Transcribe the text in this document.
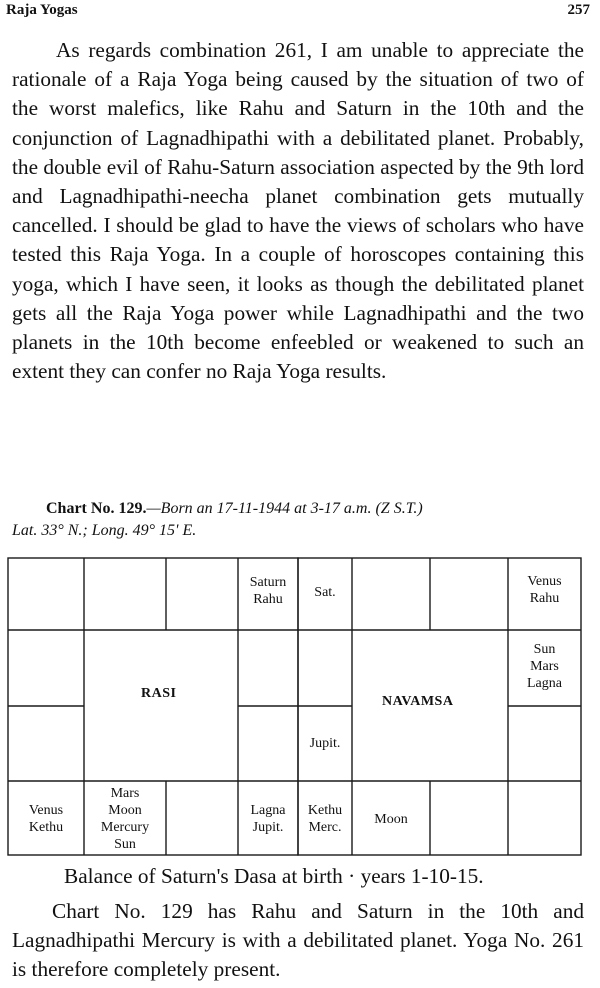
Raja Yogas	257
As regards combination 261, I am unable to appreciate the rationale of a Raja Yoga being caused by the situation of two of the worst malefics, like Rahu and Saturn in the 10th and the conjunction of Lagnadhipathi with a debilitated planet. Probably, the double evil of Rahu-Saturn association aspected by the 9th lord and Lagnadhipathi-neecha planet combination gets mutually cancelled. I should be glad to have the views of scholars who have tested this Raja Yoga. In a couple of horoscopes containing this yoga, which I have seen, it looks as though the debilitated planet gets all the Raja Yoga power while Lagnadhipathi and the two planets in the 10th become enfeebled or weakened to such an extent they can confer no Raja Yoga results.
Chart No. 129.—Born an 17-11-1944 at 3-17 a.m. (Z S.T.)
Lat. 33° N.; Long. 49° 15' E.
Saturn
Rahu
RASI
Venus
Kethu
Mars
Moon
Mercury
Sun
Lagna
Jupit.
Sat.
Venus
Rahu
Sun
Mars
Lagna
Jupit.
NAVAMSA
Kethu
Merc.
Moon
Balance of Saturn's Dasa at birth · years 1-10-15.
Chart No. 129 has Rahu and Saturn in the 10th and Lagnadhipathi Mercury is with a debilitated planet. Yoga No. 261 is therefore completely present.
